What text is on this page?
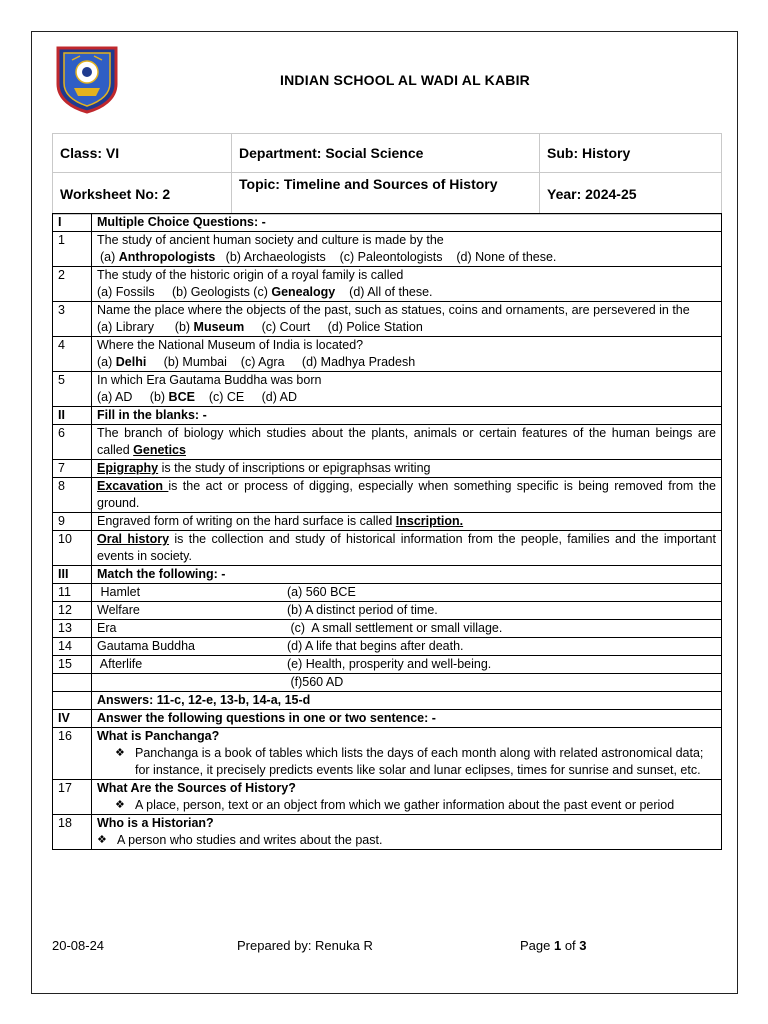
INDIAN SCHOOL AL WADI AL KABIR
Class: VI	Department: Social Science	Sub: History
Worksheet No: 2	Topic: Timeline and Sources of History	Year: 2024-25
I	Multiple Choice Questions: -
1	The study of ancient human society and culture is made by the
(a) Anthropologists   (b) Archaeologists    (c) Paleontologists    (d) None of these.

2	The study of the historic origin of a royal family is called
(a) Fossils     (b) Geologists (c) Genealogy    (d) All of these.

3	Name the place where the objects of the past, such as statues, coins and ornaments, are persevered in the
(a) Library      (b) Museum     (c) Court     (d) Police Station

4	Where the National Museum of India is located?
(a) Delhi     (b) Mumbai    (c) Agra     (d) Madhya Pradesh

5	In which Era Gautama Buddha was born
(a) AD     (b) BCE    (c) CE     (d) AD

II	Fill in the blanks: -
6	The branch of biology which studies about the plants, animals or certain features of the human beings are called Genetics
7	Epigraphy is the study of inscriptions or epigraphsas writing
8	Excavation is the act or process of digging, especially when something specific is being removed from the ground.
9	Engraved form of writing on the hard surface is called Inscription.
10	Oral history is the collection and study of historical information from the people, families and the important events in society.
III	Match the following: -
11	Hamlet (a) 560 BCE

12	Welfare (b) A distinct period of time.

13	Era (c)  A small settlement or small village.

14	Gautama Buddha (d) A life that begins after death.

15	Afterlife (e) Health, prosperity and well-being.

	(f)560 AD

	Answers: 11-c, 12-e, 13-b, 14-a, 15-d
IV	Answer the following questions in one or two sentence: -
16	What is Panchanga?
❖ Panchanga is a book of tables which lists the days of each month along with related astronomical data; for instance, it precisely predicts events like solar and lunar eclipses, times for sunrise and sunset, etc.

17	What Are the Sources of History?
❖ A place, person, text or an object from which we gather information about the past event or period

18	Who is a Historian?
❖ A person who studies and writes about the past.
20-08-24	Prepared by: Renuka R	Page 1 of 3
